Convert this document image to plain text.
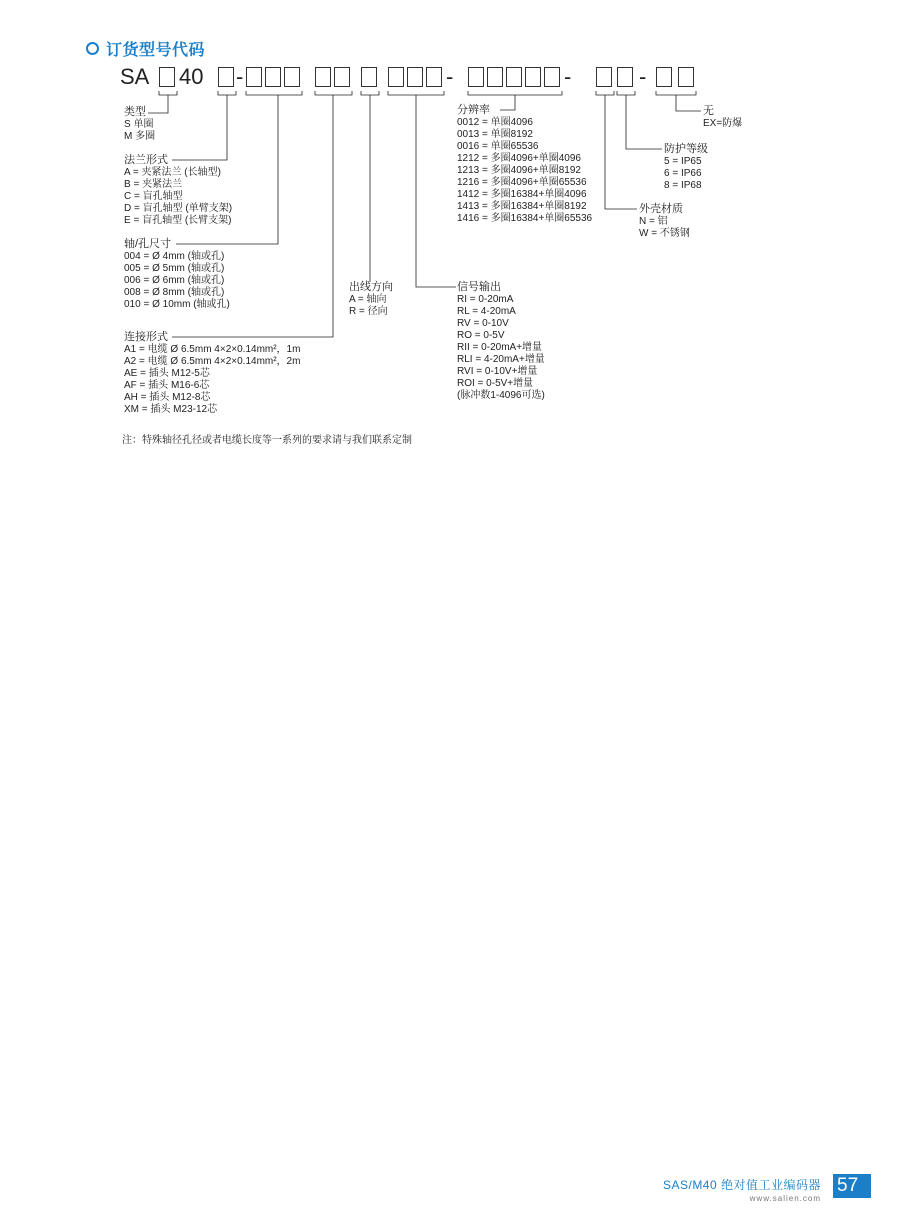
订货型号代码
SA 40 -	-	-	-
类型
S 单圈
M 多圈
法兰形式
A = 夹紧法兰 (长轴型)
B = 夹紧法兰
C = 盲孔轴型
D = 盲孔轴型 (单臂支架)
E = 盲孔轴型 (长臂支架)
轴/孔尺寸
004 = Ø 4mm (轴或孔)
005 = Ø 5mm (轴或孔)
006 = Ø 6mm (轴或孔)
008 = Ø 8mm (轴或孔)
010 = Ø 10mm (轴或孔)
连接形式
A1 = 电缆 Ø 6.5mm 4×2×0.14mm²，1m
A2 = 电缆 Ø 6.5mm 4×2×0.14mm²，2m
AE = 插头 M12-5芯
AF = 插头 M16-6芯
AH = 插头 M12-8芯
XM = 插头 M23-12芯
出线方向
A = 轴向
R = 径向
信号输出
RI = 0-20mA
RL = 4-20mA
RV = 0-10V
RO = 0-5V
RII = 0-20mA+增量
RLI = 4-20mA+增量
RVI = 0-10V+增量
ROI = 0-5V+增量
(脉冲数1-4096可选)
分辨率
0012 = 单圈4096
0013 = 单圈8192
0016 = 单圈65536
1212 = 多圈4096+单圈4096
1213 = 多圈4096+单圈8192
1216 = 多圈4096+单圈65536
1412 = 多圈16384+单圈4096
1413 = 多圈16384+单圈8192
1416 = 多圈16384+单圈65536
外壳材质
N = 铝
W = 不锈钢
防护等级
5 = IP65
6 = IP66
8 = IP68
无
EX=防爆
注：特殊轴径孔径或者电缆长度等一系列的要求请与我们联系定制
SAS/M40 绝对值工业编码器
www.salien.com
57
